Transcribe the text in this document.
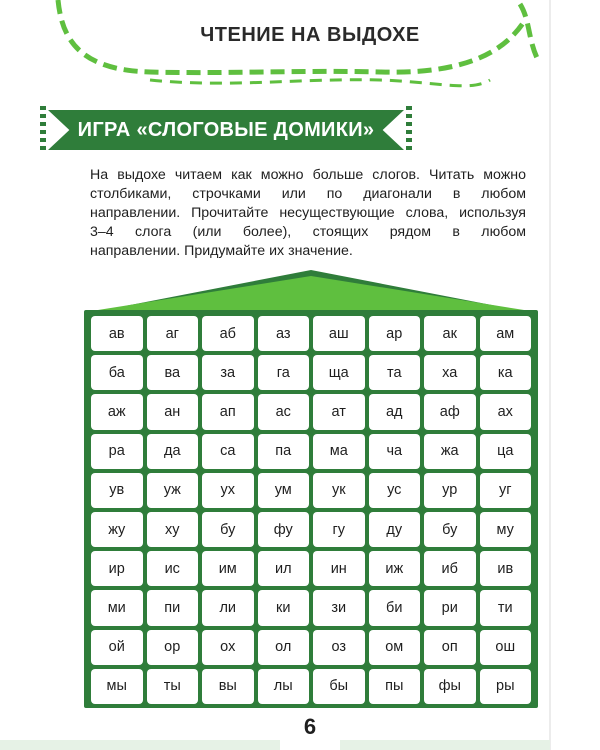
ЧТЕНИЕ НА ВЫДОХЕ
ИГРА «СЛОГОВЫЕ ДОМИКИ»
На выдохе читаем как можно больше слогов. Читать можно
столбиками, строчками или по диагонали в любом
направлении. Прочитайте несуществующие слова, используя
3–4 слога (или более), стоящих рядом в любом
направлении. Придумайте их значение.
ав	аг	аб	аз	аш	ар	ак	ам
ба	ва	за	га	ща	та	ха	ка
аж	ан	ап	ас	ат	ад	аф	ах
ра	да	са	па	ма	ча	жа	ца
ув	уж	ух	ум	ук	ус	ур	уг
жу	ху	бу	фу	гу	ду	бу	му
ир	ис	им	ил	ин	иж	иб	ив
ми	пи	ли	ки	зи	би	ри	ти
ой	ор	ох	ол	оз	ом	оп	ош
мы	ты	вы	лы	бы	пы	фы	ры
6
